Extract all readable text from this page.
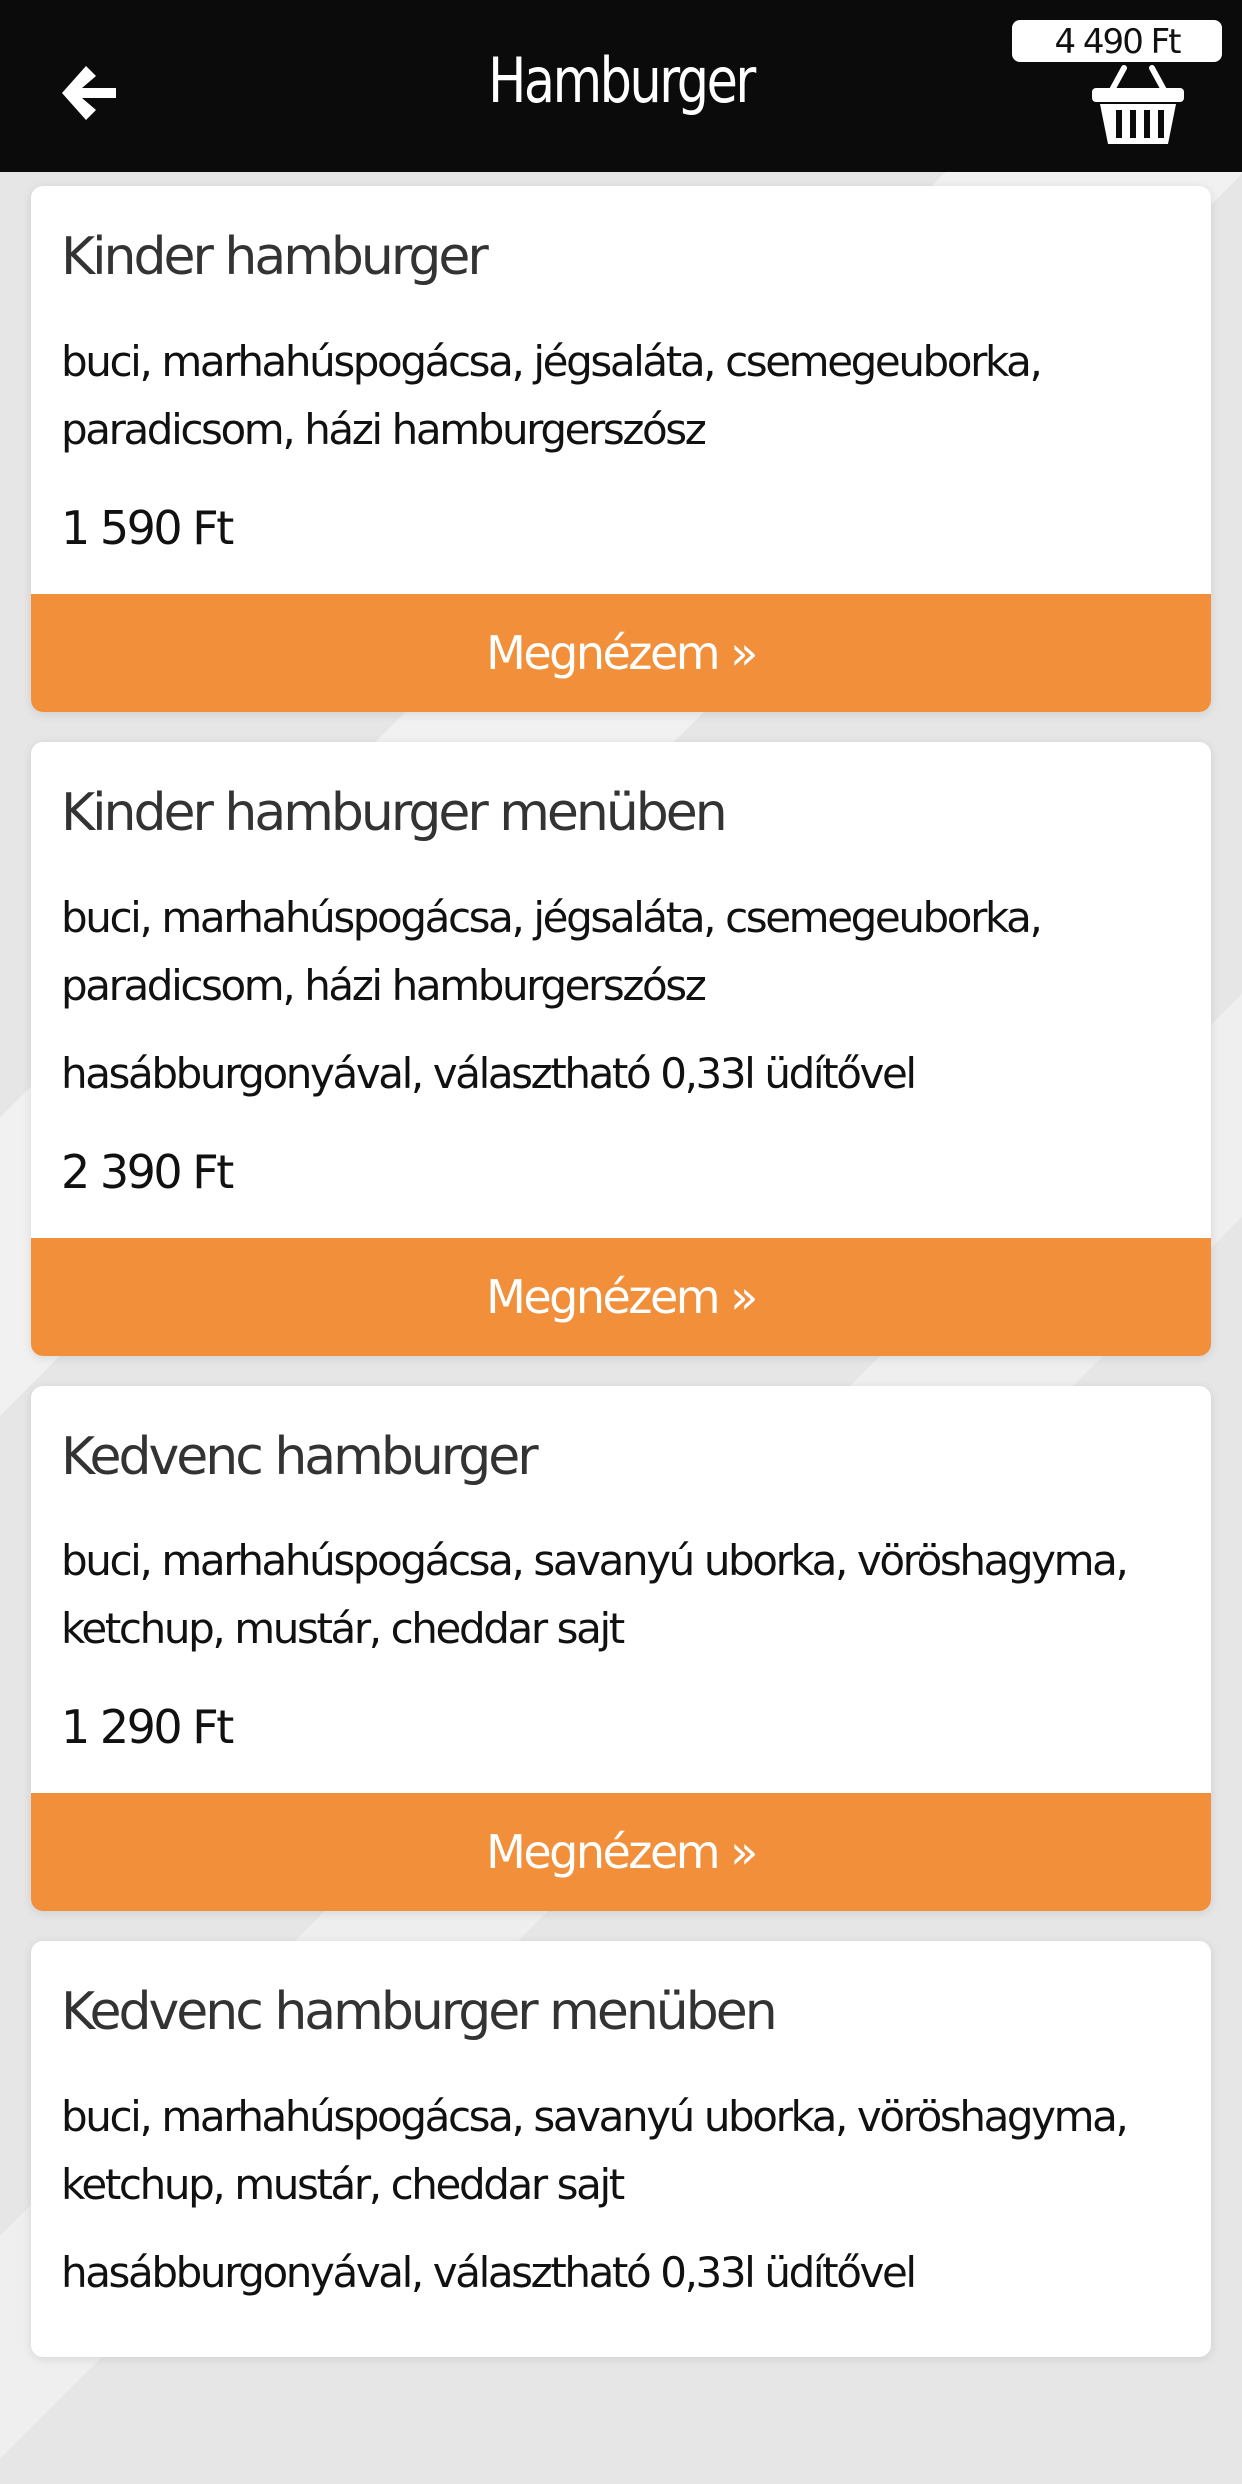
Hamburger
4 490 Ft
Kinder hamburger
buci, marhahúspogácsa, jégsaláta, csemegeuborka, paradicsom, házi hamburgerszósz
1 590 Ft
Megnézem »
Kinder hamburger menüben
buci, marhahúspogácsa, jégsaláta, csemegeuborka, paradicsom, házi hamburgerszósz
hasábburgonyával, választható 0,33l üdítővel
2 390 Ft
Megnézem »
Kedvenc hamburger
buci, marhahúspogácsa, savanyú uborka, vöröshagyma, ketchup, mustár, cheddar sajt
1 290 Ft
Megnézem »
Kedvenc hamburger menüben
buci, marhahúspogácsa, savanyú uborka, vöröshagyma, ketchup, mustár, cheddar sajt
hasábburgonyával, választható 0,33l üdítővel
